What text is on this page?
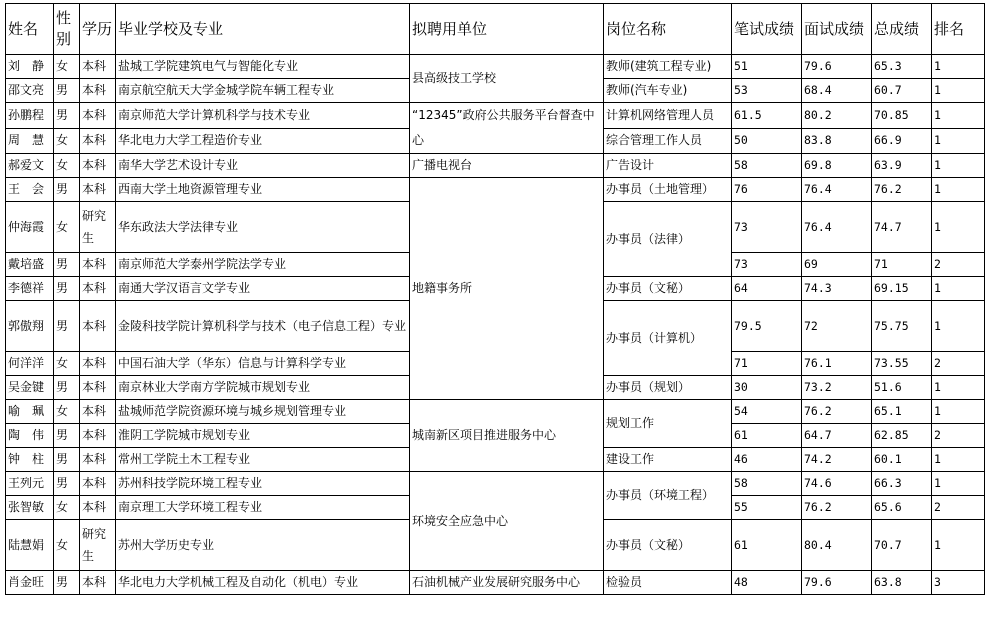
姓名	性别	学历	毕业学校及专业	拟聘用单位	岗位名称	笔试成绩	面试成绩	总成绩	排名
刘　静	女	本科	盐城工学院建筑电气与智能化专业	县高级技工学校	教师(建筑工程专业)	51	79.6	65.3	1
邵文亮	男	本科	南京航空航天大学金城学院车辆工程专业		教师(汽车专业)	53	68.4	60.7	1
孙鹏程	男	本科	南京师范大学计算机科学与技术专业	“12345”政府公共服务平台督查中心	计算机网络管理人员	61.5	80.2	70.85	1
周　慧	女	本科	华北电力大学工程造价专业		综合管理工作人员	50	83.8	66.9	1
郝爱文	女	本科	南华大学艺术设计专业	广播电视台	广告设计	58	69.8	63.9	1
王　会	男	本科	西南大学土地资源管理专业	地籍事务所	办事员（土地管理）	76	76.4	76.2	1
仲海霞	女	研究生	华东政法大学法律专业		办事员（法律）	73	76.4	74.7	1
戴培盛	男	本科	南京师范大学泰州学院法学专业			73	69	71	2
李德祥	男	本科	南通大学汉语言文学专业		办事员（文秘）	64	74.3	69.15	1
郭傲翔	男	本科	金陵科技学院计算机科学与技术（电子信息工程）专业		办事员（计算机）	79.5	72	75.75	1
何洋洋	女	本科	中国石油大学（华东）信息与计算科学专业			71	76.1	73.55	2
吴金键	男	本科	南京林业大学南方学院城市规划专业		办事员（规划）	30	73.2	51.6	1
喻　珮	女	本科	盐城师范学院资源环境与城乡规划管理专业	城南新区项目推进服务中心	规划工作	54	76.2	65.1	1
陶　伟	男	本科	淮阴工学院城市规划专业			61	64.7	62.85	2
钟　柱	男	本科	常州工学院土木工程专业		建设工作	46	74.2	60.1	1
王列元	男	本科	苏州科技学院环境工程专业	环境安全应急中心	办事员（环境工程）	58	74.6	66.3	1
张智敏	女	本科	南京理工大学环境工程专业			55	76.2	65.6	2
陆慧娟	女	研究生	苏州大学历史专业		办事员（文秘）	61	80.4	70.7	1
肖金旺	男	本科	华北电力大学机械工程及自动化（机电）专业	石油机械产业发展研究服务中心	检验员	48	79.6	63.8	3
